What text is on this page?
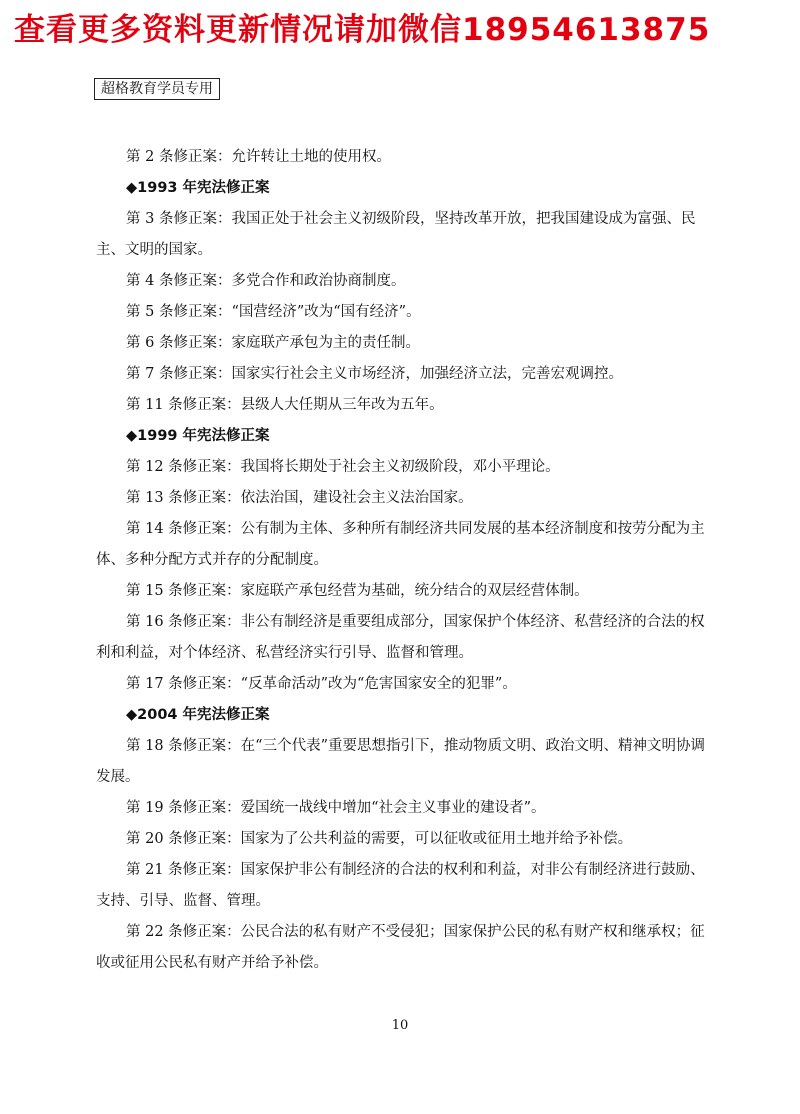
查看更多资料更新情况请加微信18954613875
超格教育学员专用

第 2 条修正案：允许转让土地的使用权。

◆1993 年宪法修正案

第 3 条修正案：我国正处于社会主义初级阶段，坚持改革开放，把我国建设成为富强、民主、文明的国家。

第 4 条修正案：多党合作和政治协商制度。

第 5 条修正案：“国营经济”改为“国有经济”。

第 6 条修正案：家庭联产承包为主的责任制。

第 7 条修正案：国家实行社会主义市场经济，加强经济立法，完善宏观调控。

第 11 条修正案：县级人大任期从三年改为五年。

◆1999 年宪法修正案

第 12 条修正案：我国将长期处于社会主义初级阶段，邓小平理论。

第 13 条修正案：依法治国，建设社会主义法治国家。

第 14 条修正案：公有制为主体、多种所有制经济共同发展的基本经济制度和按劳分配为主体、多种分配方式并存的分配制度。

第 15 条修正案：家庭联产承包经营为基础，统分结合的双层经营体制。

第 16 条修正案：非公有制经济是重要组成部分，国家保护个体经济、私营经济的合法的权利和利益，对个体经济、私营经济实行引导、监督和管理。

第 17 条修正案：“反革命活动”改为“危害国家安全的犯罪”。

◆2004 年宪法修正案

第 18 条修正案：在“三个代表”重要思想指引下，推动物质文明、政治文明、精神文明协调发展。

第 19 条修正案：爱国统一战线中增加“社会主义事业的建设者”。

第 20 条修正案：国家为了公共利益的需要，可以征收或征用土地并给予补偿。

第 21 条修正案：国家保护非公有制经济的合法的权利和利益，对非公有制经济进行鼓励、支持、引导、监督、管理。

第 22 条修正案：公民合法的私有财产不受侵犯；国家保护公民的私有财产权和继承权；征收或征用公民私有财产并给予补偿。

10
